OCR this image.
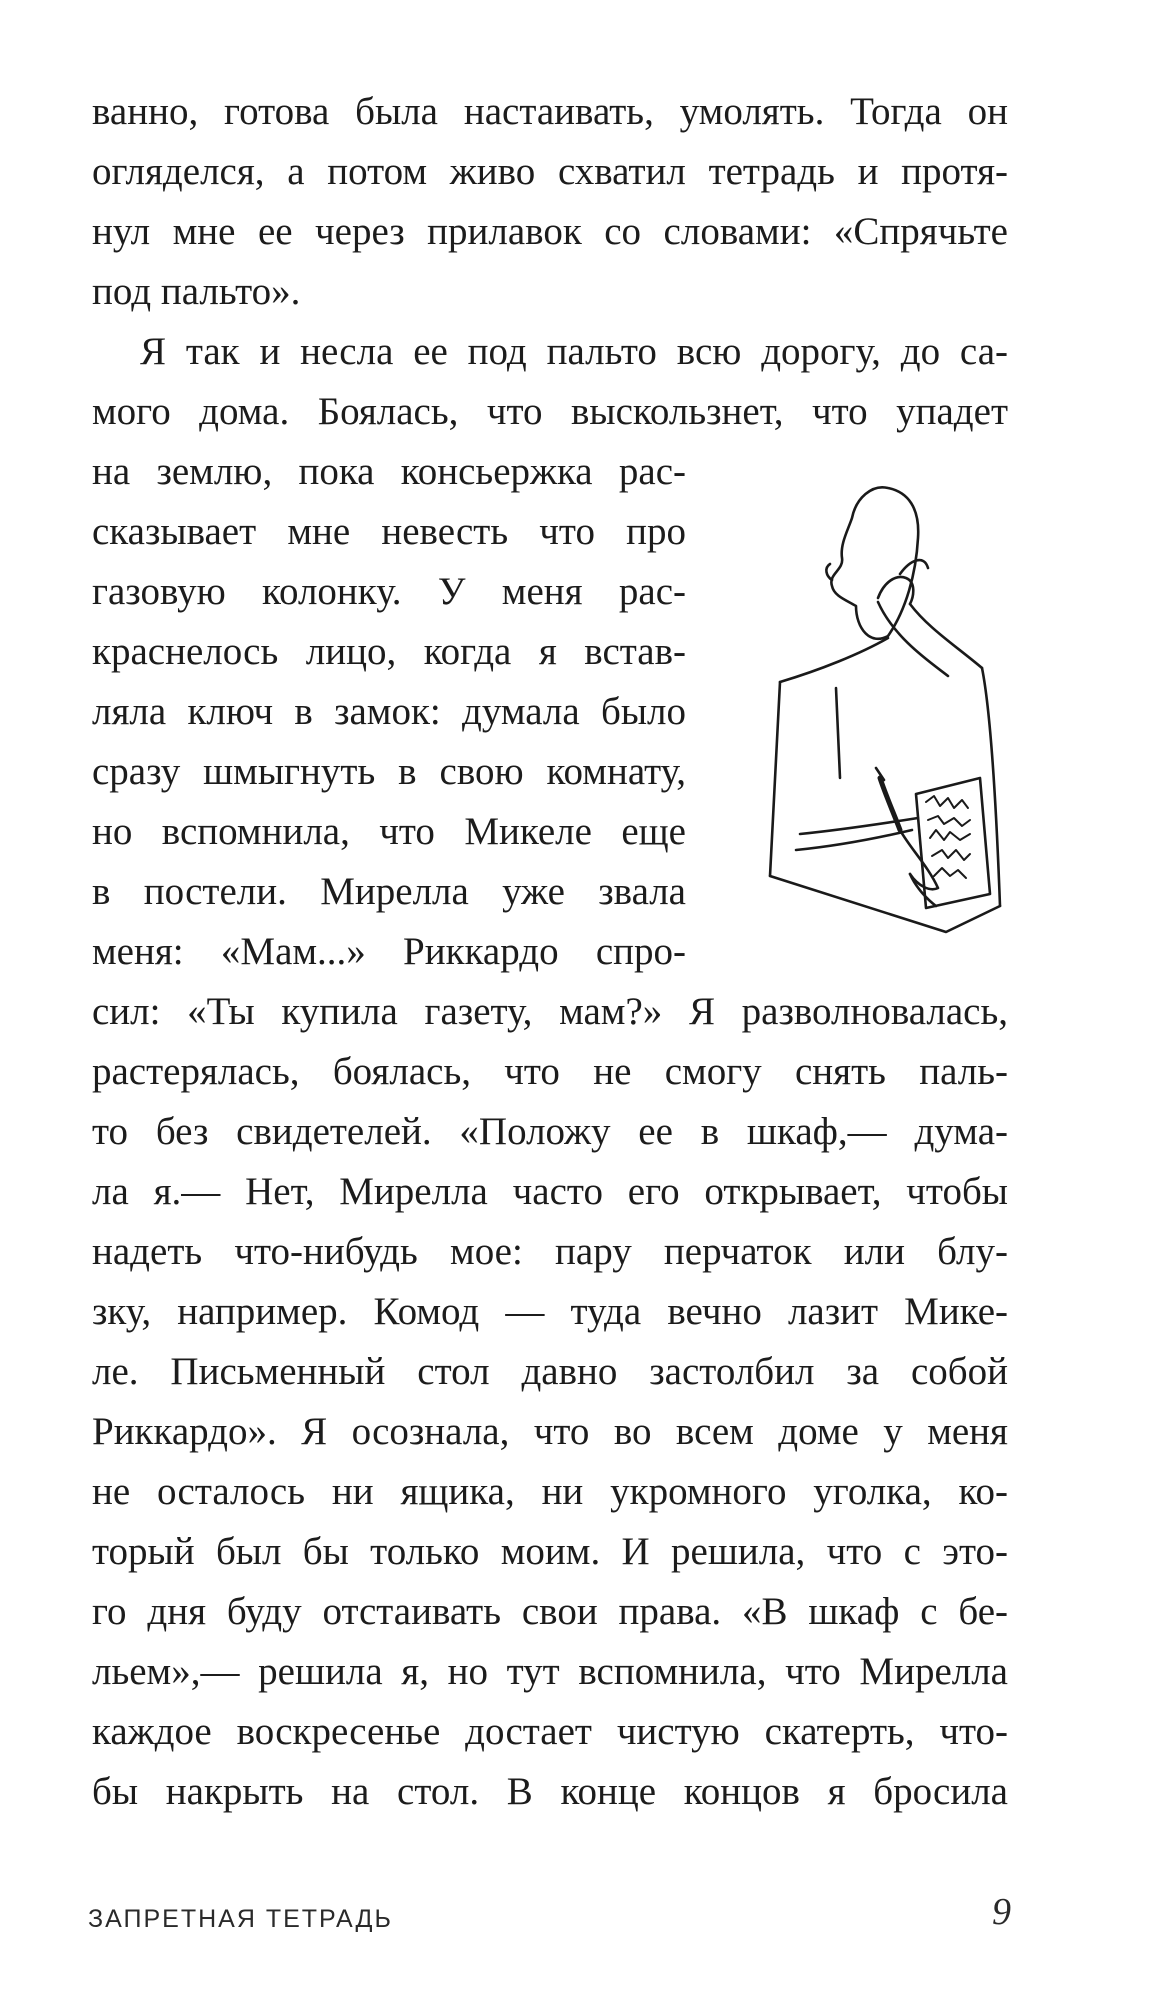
ванно, готова была настаивать, умолять. Тогда он
огляделся, а потом живо схватил тетрадь и протя-
нул мне ее через прилавок со словами: «Спрячьте
под пальто».
Я так и несла ее под пальто всю дорогу, до са-
мого дома. Боялась, что выскользнет, что упадет
на землю, пока консьержка рас-
сказывает мне невесть что про
газовую колонку. У меня рас-
краснелось лицо, когда я встав-
ляла ключ в замок: думала было
сразу шмыгнуть в свою комнату,
но вспомнила, что Микеле еще
в постели. Мирелла уже звала
меня: «Мам...» Риккардо спро-
сил: «Ты купила газету, мам?» Я разволновалась,
растерялась, боялась, что не смогу снять паль-
то без свидетелей. «Положу ее в шкаф,— дума-
ла я.— Нет, Мирелла часто его открывает, чтобы
надеть что-нибудь мое: пару перчаток или блу-
зку, например. Комод — туда вечно лазит Мике-
ле. Письменный стол давно застолбил за собой
Риккардо». Я осознала, что во всем доме у меня
не осталось ни ящика, ни укромного уголка, ко-
торый был бы только моим. И решила, что с это-
го дня буду отстаивать свои права. «В шкаф с бе-
льем»,— решила я, но тут вспомнила, что Мирелла
каждое воскресенье достает чистую скатерть, что-
бы накрыть на стол. В конце концов я бросила
ЗАПРЕТНАЯ ТЕТРАДЬ	9
